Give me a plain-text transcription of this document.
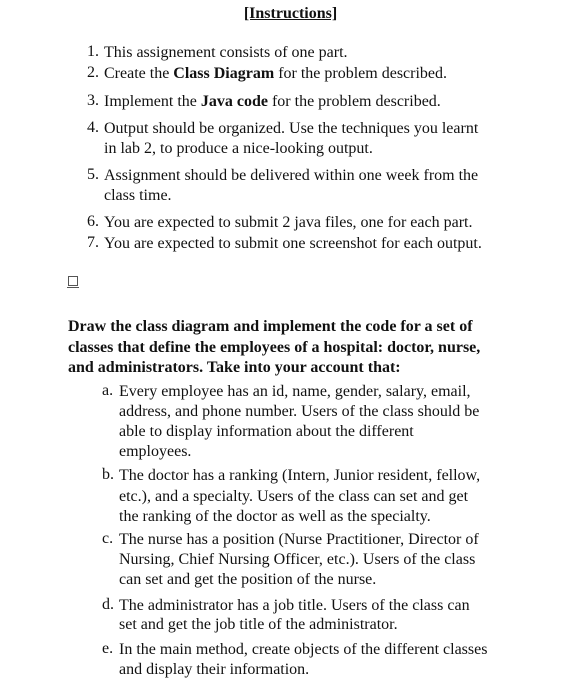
[Instructions]
1. This assignement consists of one part.
2. Create the Class Diagram for the problem described.
3. Implement the Java code for the problem described.
4. Output should be organized. Use the techniques you learnt
in lab 2, to produce a nice-looking output.
5. Assignment should be delivered within one week from the
class time.
6. You are expected to submit 2 java files, one for each part.
7. You are expected to submit one screenshot for each output.
Draw the class diagram and implement the code for a set of
classes that define the employees of a hospital: doctor, nurse,
and administrators. Take into your account that:
a. Every employee has an id, name, gender, salary, email,
address, and phone number. Users of the class should be
able to display information about the different
employees.
b. The doctor has a ranking (Intern, Junior resident, fellow,
etc.), and a specialty. Users of the class can set and get
the ranking of the doctor as well as the specialty.
c. The nurse has a position (Nurse Practitioner, Director of
Nursing, Chief Nursing Officer, etc.). Users of the class
can set and get the position of the nurse.
d. The administrator has a job title. Users of the class can
set and get the job title of the administrator.
e. In the main method, create objects of the different classes
and display their information.
